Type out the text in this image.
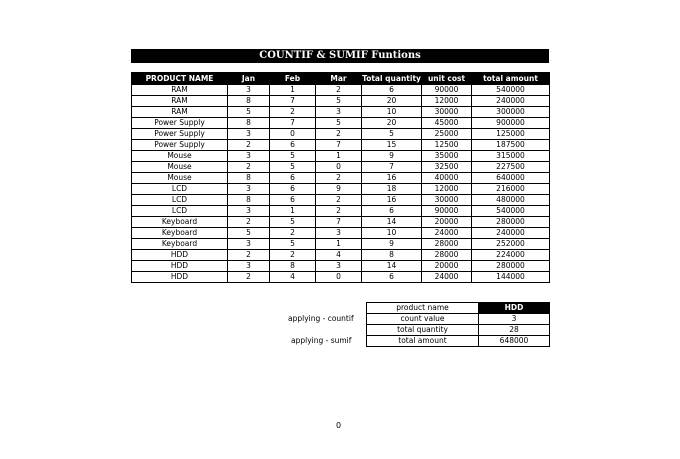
COUNTIF & SUMIF Funtions
PRODUCT NAME	Jan	Feb	Mar	Total quantity	unit cost	total amount
RAM	3	1	2	6	90000	540000
RAM	8	7	5	20	12000	240000
RAM	5	2	3	10	30000	300000
Power Supply	8	7	5	20	45000	900000
Power Supply	3	0	2	5	25000	125000
Power Supply	2	6	7	15	12500	187500
Mouse	3	5	1	9	35000	315000
Mouse	2	5	0	7	32500	227500
Mouse	8	6	2	16	40000	640000
LCD	3	6	9	18	12000	216000
LCD	8	6	2	16	30000	480000
LCD	3	1	2	6	90000	540000
Keyboard	2	5	7	14	20000	280000
Keyboard	5	2	3	10	24000	240000
Keyboard	3	5	1	9	28000	252000
HDD	2	2	4	8	28000	224000
HDD	3	8	3	14	20000	280000
HDD	2	4	0	6	24000	144000
applying - countif
applying - sumif
product name	HDD
count value	3
total quantity	28
total amount	648000
0
